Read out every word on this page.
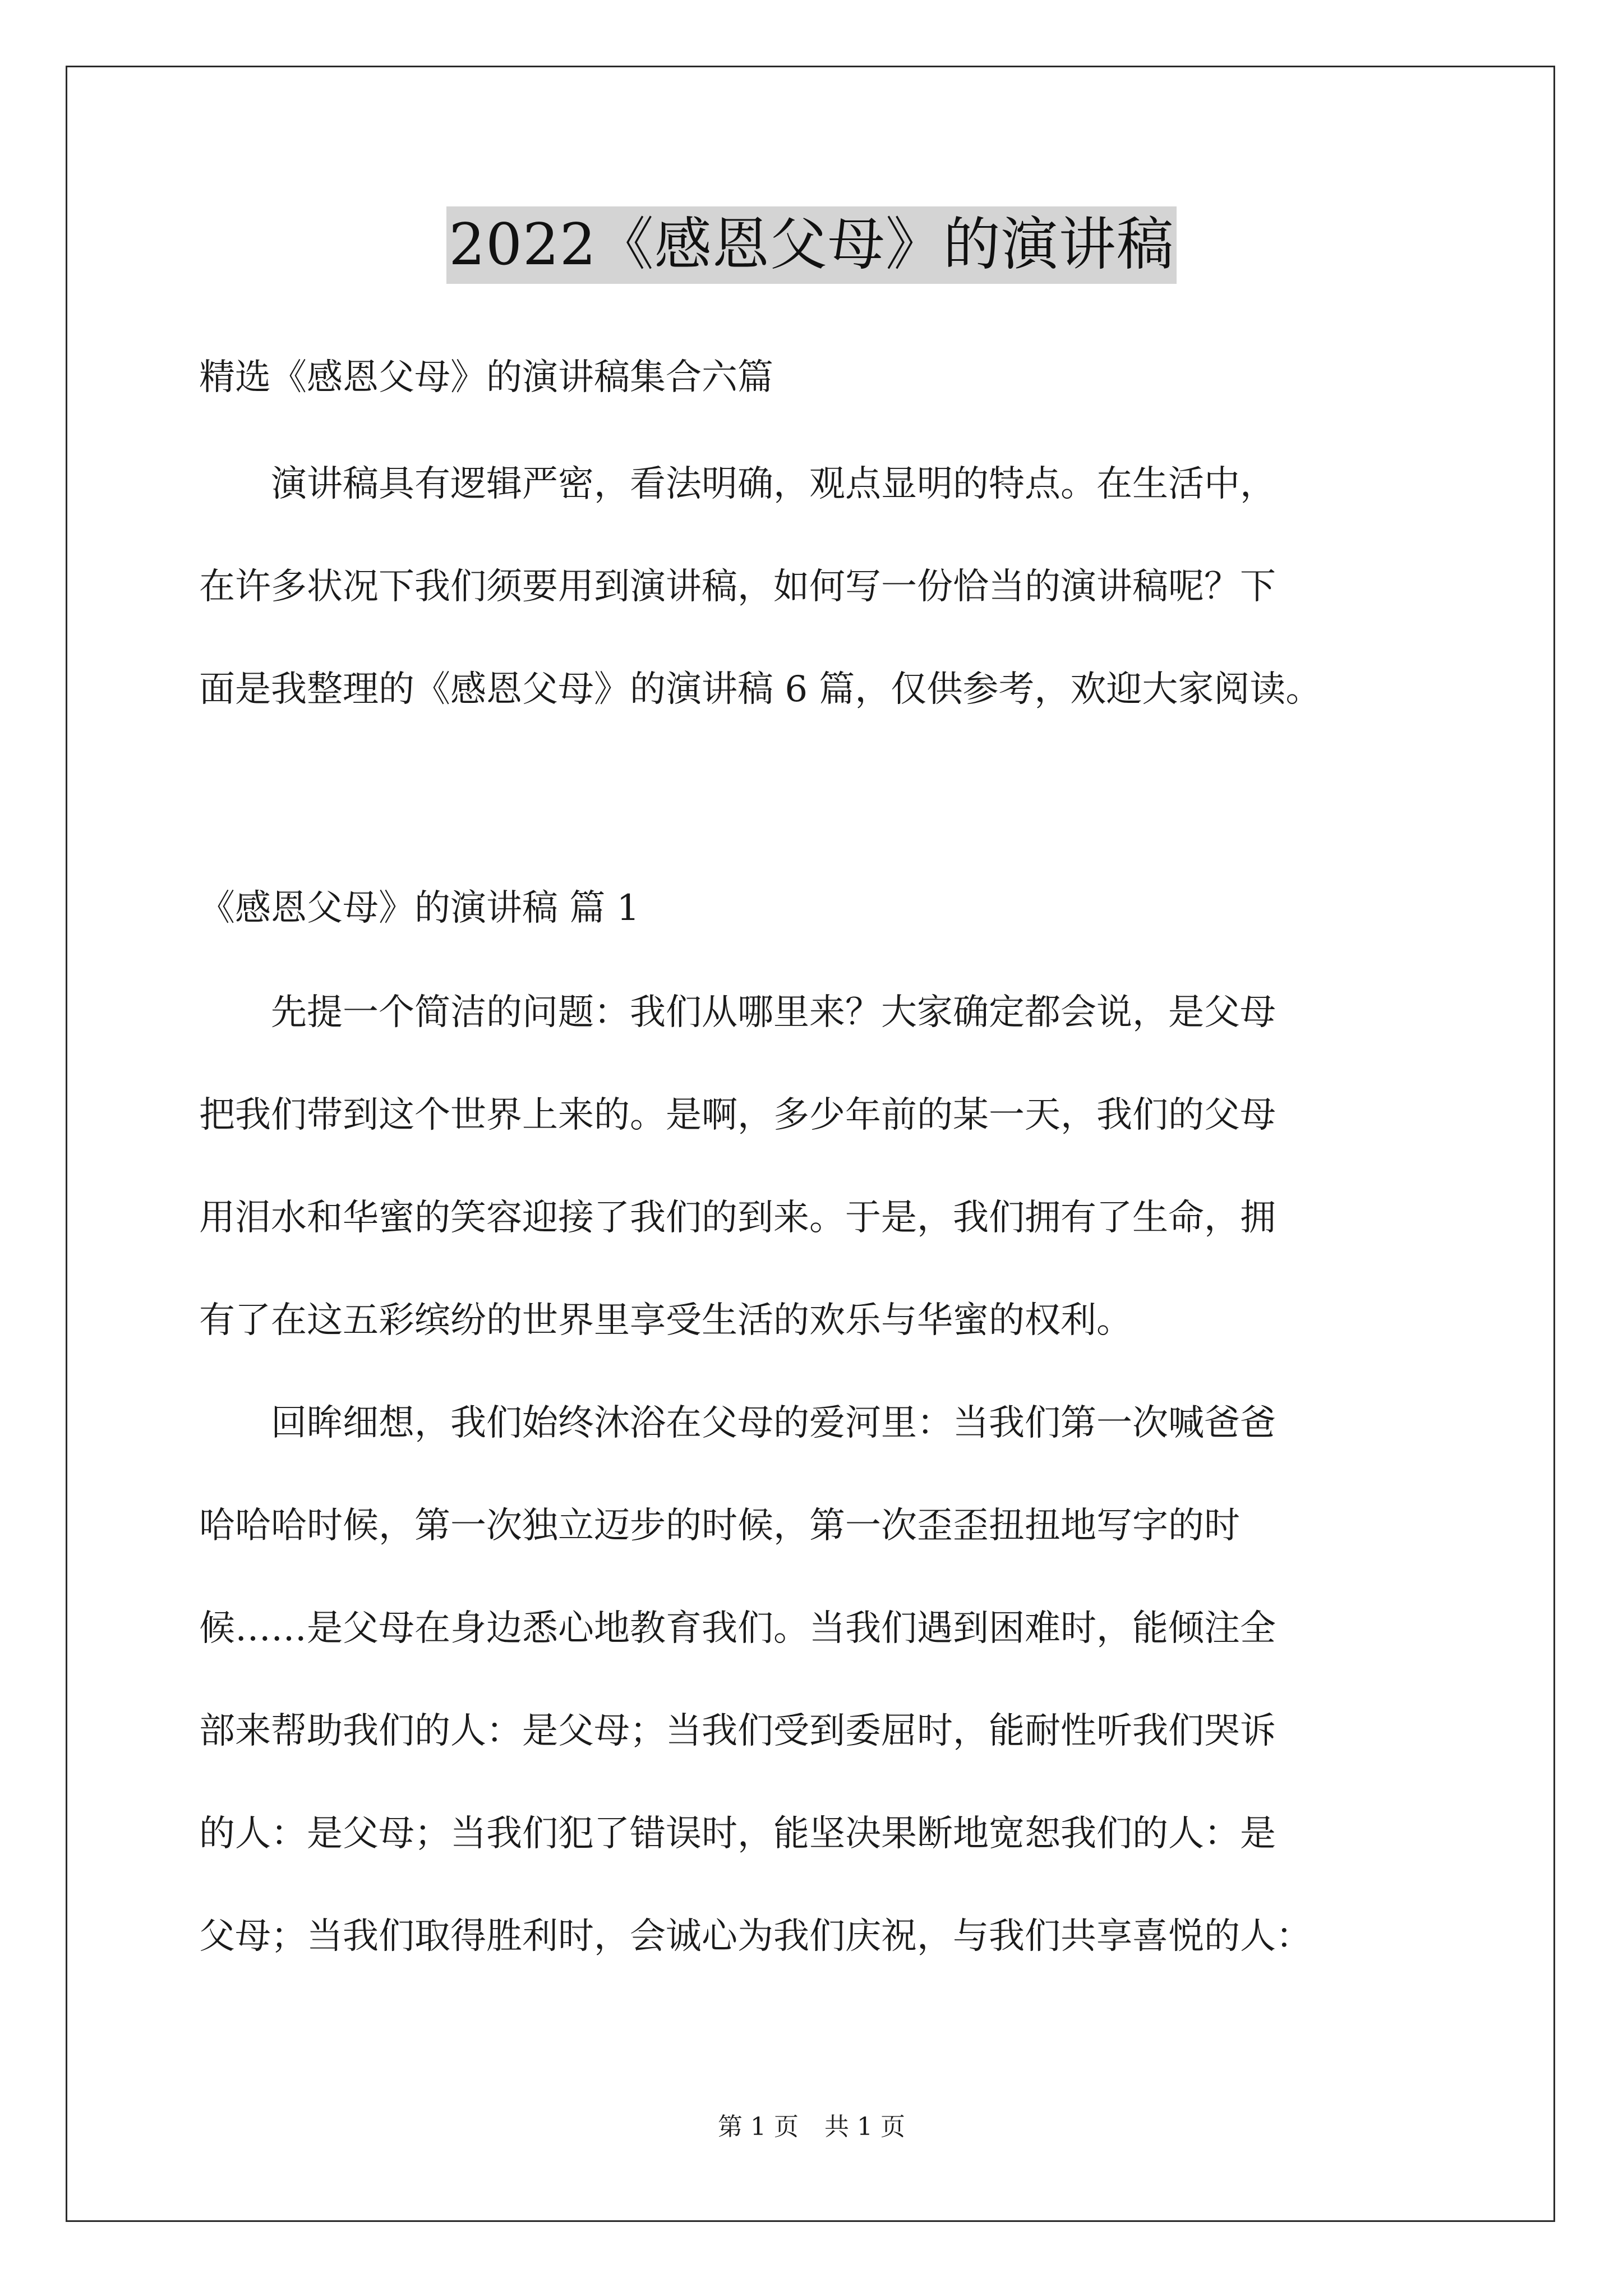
2022《感恩父母》的演讲稿
精选《感恩父母》的演讲稿集合六篇
　　演讲稿具有逻辑严密，看法明确，观点显明的特点。在生活中，
在许多状况下我们须要用到演讲稿，如何写一份恰当的演讲稿呢？下
面是我整理的《感恩父母》的演讲稿 6 篇，仅供参考，欢迎大家阅读。
《感恩父母》的演讲稿 篇 1
　　先提一个简洁的问题：我们从哪里来？大家确定都会说，是父母
把我们带到这个世界上来的。是啊，多少年前的某一天，我们的父母
用泪水和华蜜的笑容迎接了我们的到来。于是，我们拥有了生命，拥
有了在这五彩缤纷的世界里享受生活的欢乐与华蜜的权利。
　　回眸细想，我们始终沐浴在父母的爱河里：当我们第一次喊爸爸
哈哈哈时候，第一次独立迈步的时候，第一次歪歪扭扭地写字的时
候……是父母在身边悉心地教育我们。当我们遇到困难时，能倾注全
部来帮助我们的人：是父母；当我们受到委屈时，能耐性听我们哭诉
的人：是父母；当我们犯了错误时，能坚决果断地宽恕我们的人：是
父母；当我们取得胜利时，会诚心为我们庆祝，与我们共享喜悦的人：
第 1 页 共 1 页
